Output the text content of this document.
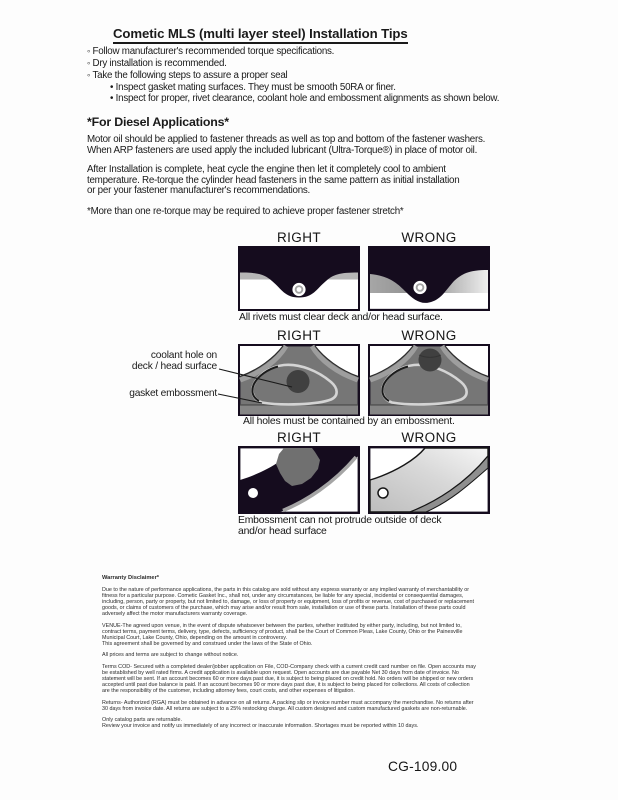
Cometic MLS (multi layer steel) Installation Tips
◦ Follow manufacturer's recommended torque specifications.
◦ Dry installation is recommended.
◦ Take the following steps to assure a proper seal
• Inspect gasket mating surfaces. They must be smooth 50RA or finer.
• Inspect for proper, rivet clearance, coolant hole and embossment alignments as shown below.
*For Diesel Applications*
Motor oil should be applied to fastener threads as well as top and bottom of the fastener washers.
When ARP fasteners are used apply the included lubricant (Ultra-Torque®) in place of motor oil.
After Installation is complete, heat cycle the engine then let it completely cool to ambient
temperature. Re-torque the cylinder head fasteners in the same pattern as initial installation
or per your fastener manufacturer's recommendations.
*More than one re-torque may be required to achieve proper fastener stretch*
RIGHT	WRONG
All rivets must clear deck and/or head surface.
RIGHT	WRONG
All holes must be contained by an embossment.
coolant hole on
deck / head surface
gasket embossment
RIGHT	WRONG
Embossment can not protrude outside of deck
and/or head surface
Warranty Disclaimer*
Due to the nature of performance applications, the parts in this catalog are sold without any express warranty or any implied warranty of merchantability or
fitness for a particular purpose. Cometic Gasket Inc., shall not, under any circumstances, be liable for any special, incidental or consequential damages,
including, person, party or property, but not limited to, damage, or loss of property or equipment, loss of profits or revenue, cost of purchased or replacement
goods, or claims of customers of the purchase, which may arise and/or result from sale, installation or use of these parts. Installation of these parts could
adversely affect the motor manufacturers warranty coverage.
VENUE-The agreed upon venue, in the event of dispute whatsoever between the parties, whether instituted by either party, including, but not limited to,
contract terms, payment terms, delivery, type, defects, sufficiency of product, shall be the Court of Common Pleas, Lake County, Ohio or the Painesville
Municipal Court, Lake County, Ohio, depending on the amount in controversy.
This agreement shall be governed by and construed under the laws of the State of Ohio.
All prices and terms are subject to change without notice.
Terms COD- Secured with a completed dealer/jobber application on File, COD-Company check with a current credit card number on file. Open accounts may
be established by well rated firms. A credit application is available upon request. Open accounts are due payable Net 30 days from date of invoice. No
statement will be sent. If an account becomes 60 or more days past due, it is subject to being placed on credit hold. No orders will be shipped or new orders
accepted until past due balance is paid. If an account becomes 90 or more days past due, it is subject to being placed for collections. All costs of collection
are the responsibility of the customer, including attorney fees, court costs, and other expenses of litigation.
Returns- Authorized (RGA) must be obtained in advance on all returns. A packing slip or invoice number must accompany the merchandise. No returns after
30 days from invoice date. All returns are subject to a 25% restocking charge. All custom designed and custom manufactured gaskets are non-returnable.
Only catalog parts are returnable.
Review your invoice and notify us immediately of any incorrect or inaccurate information. Shortages must be reported within 10 days.
CG-109.00
